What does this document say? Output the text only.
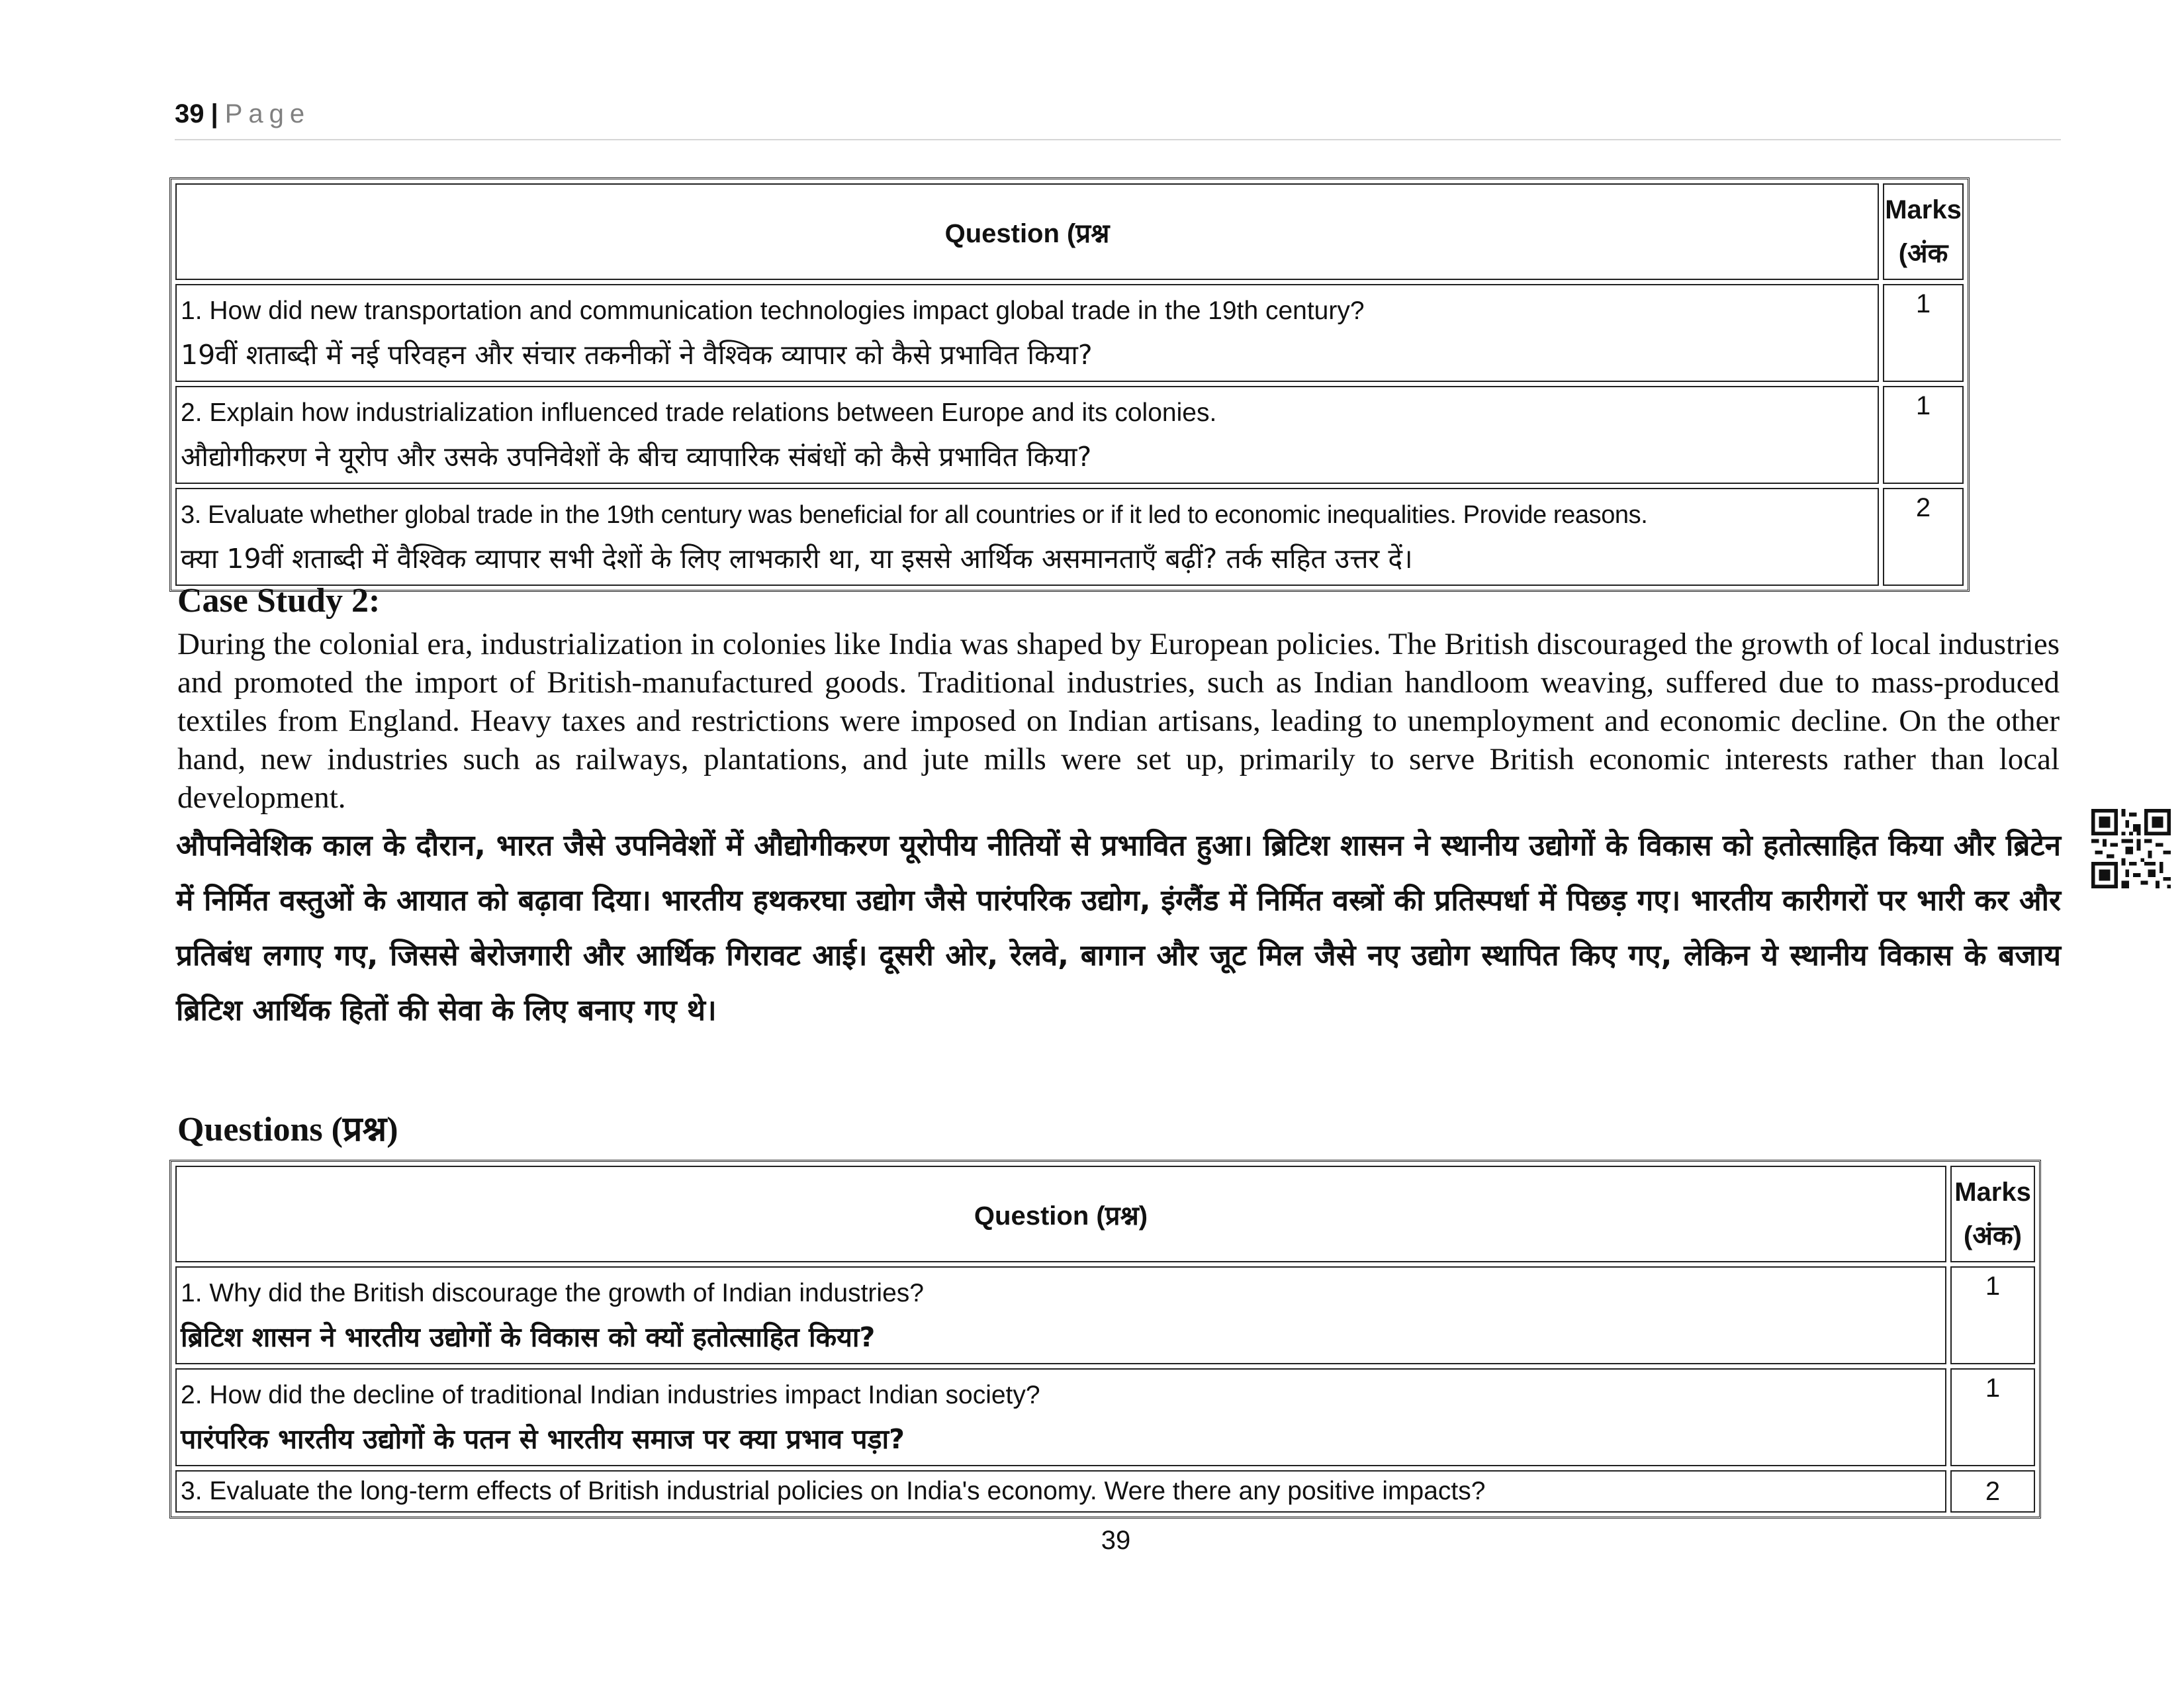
39 | Page
Question (प्रश्न	Marks
(अंक

1. How did new transportation and communication technologies impact global trade in the 19th century?
19वीं शताब्दी में नई परिवहन और संचार तकनीकों ने वैश्विक व्यापार को कैसे प्रभावित किया?	1

2. Explain how industrialization influenced trade relations between Europe and its colonies.
औद्योगीकरण ने यूरोप और उसके उपनिवेशों के बीच व्यापारिक संबंधों को कैसे प्रभावित किया?	1

3. Evaluate whether global trade in the 19th century was beneficial for all countries or if it led to economic inequalities. Provide reasons.
क्या 19वीं शताब्दी में वैश्विक व्यापार सभी देशों के लिए लाभकारी था, या इससे आर्थिक असमानताएँ बढ़ीं? तर्क सहित उत्तर दें।	2
Case Study 2:
During the colonial era, industrialization in colonies like India was shaped by European policies. The British discouraged the growth of local industries and promoted the import of British-manufactured goods. Traditional industries, such as Indian handloom weaving, suffered due to mass-produced textiles from England. Heavy taxes and restrictions were imposed on Indian artisans, leading to unemployment and economic decline. On the other hand, new industries such as railways, plantations, and jute mills were set up, primarily to serve British economic interests rather than local development.
औपनिवेशिक काल के दौरान, भारत जैसे उपनिवेशों में औद्योगीकरण यूरोपीय नीतियों से प्रभावित हुआ। ब्रिटिश शासन ने स्थानीय उद्योगों के विकास को हतोत्साहित किया और ब्रिटेन में निर्मित वस्तुओं के आयात को बढ़ावा दिया। भारतीय हथकरघा उद्योग जैसे पारंपरिक उद्योग, इंग्लैंड में निर्मित वस्त्रों की प्रतिस्पर्धा में पिछड़ गए। भारतीय कारीगरों पर भारी कर और प्रतिबंध लगाए गए, जिससे बेरोजगारी और आर्थिक गिरावट आई। दूसरी ओर, रेलवे, बागान और जूट मिल जैसे नए उद्योग स्थापित किए गए, लेकिन ये स्थानीय विकास के बजाय ब्रिटिश आर्थिक हितों की सेवा के लिए बनाए गए थे।
Questions (प्रश्न)
Question (प्रश्न)	Marks
(अंक)

1. Why did the British discourage the growth of Indian industries?
ब्रिटिश शासन ने भारतीय उद्योगों के विकास को क्यों हतोत्साहित किया?	1

2. How did the decline of traditional Indian industries impact Indian society?
पारंपरिक भारतीय उद्योगों के पतन से भारतीय समाज पर क्या प्रभाव पड़ा?	1

3. Evaluate the long-term effects of British industrial policies on India's economy. Were there any positive impacts?	2
39
